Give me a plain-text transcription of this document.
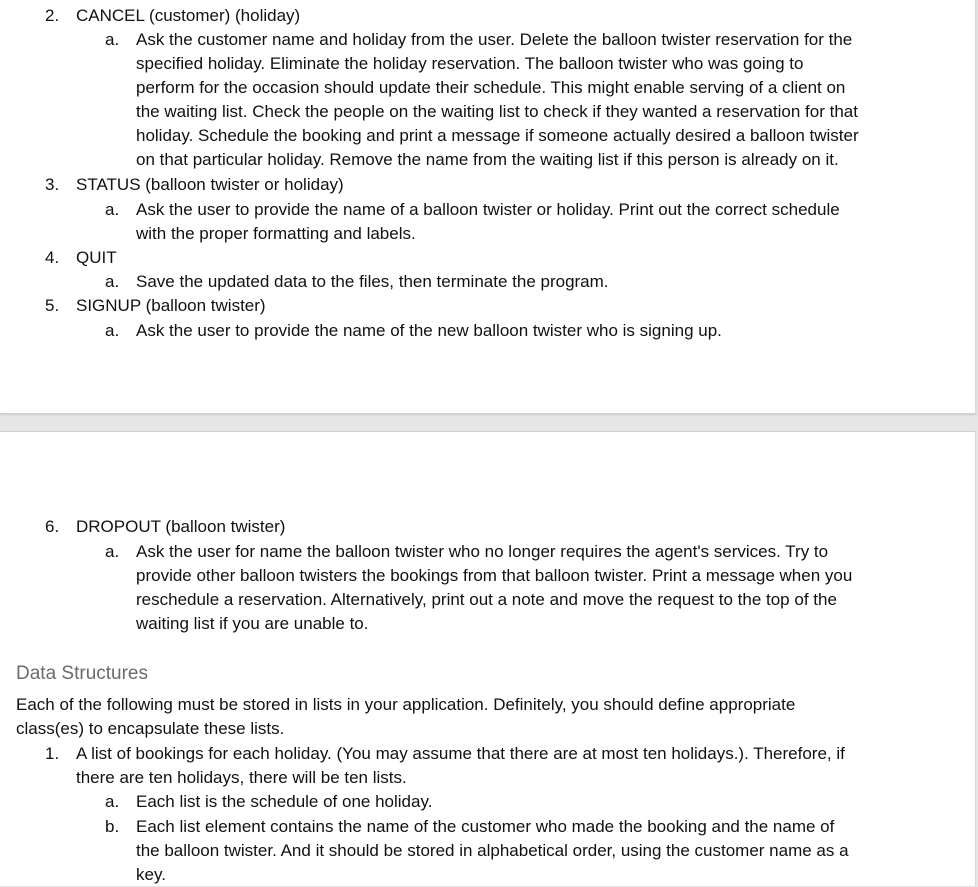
2. CANCEL (customer) (holiday)
a. Ask the customer name and holiday from the user. Delete the balloon twister reservation for the
specified holiday. Eliminate the holiday reservation. The balloon twister who was going to
perform for the occasion should update their schedule. This might enable serving of a client on
the waiting list. Check the people on the waiting list to check if they wanted a reservation for that
holiday. Schedule the booking and print a message if someone actually desired a balloon twister
on that particular holiday. Remove the name from the waiting list if this person is already on it.
3. STATUS (balloon twister or holiday)
a. Ask the user to provide the name of a balloon twister or holiday. Print out the correct schedule
with the proper formatting and labels.
4. QUIT
a. Save the updated data to the files, then terminate the program.
5. SIGNUP (balloon twister)
a. Ask the user to provide the name of the new balloon twister who is signing up.
6. DROPOUT (balloon twister)
a. Ask the user for name the balloon twister who no longer requires the agent's services. Try to
provide other balloon twisters the bookings from that balloon twister. Print a message when you
reschedule a reservation. Alternatively, print out a note and move the request to the top of the
waiting list if you are unable to.
Data Structures
Each of the following must be stored in lists in your application. Definitely, you should define appropriate
class(es) to encapsulate these lists.
1. A list of bookings for each holiday. (You may assume that there are at most ten holidays.). Therefore, if
there are ten holidays, there will be ten lists.
a. Each list is the schedule of one holiday.
b. Each list element contains the name of the customer who made the booking and the name of
the balloon twister. And it should be stored in alphabetical order, using the customer name as a
key.
